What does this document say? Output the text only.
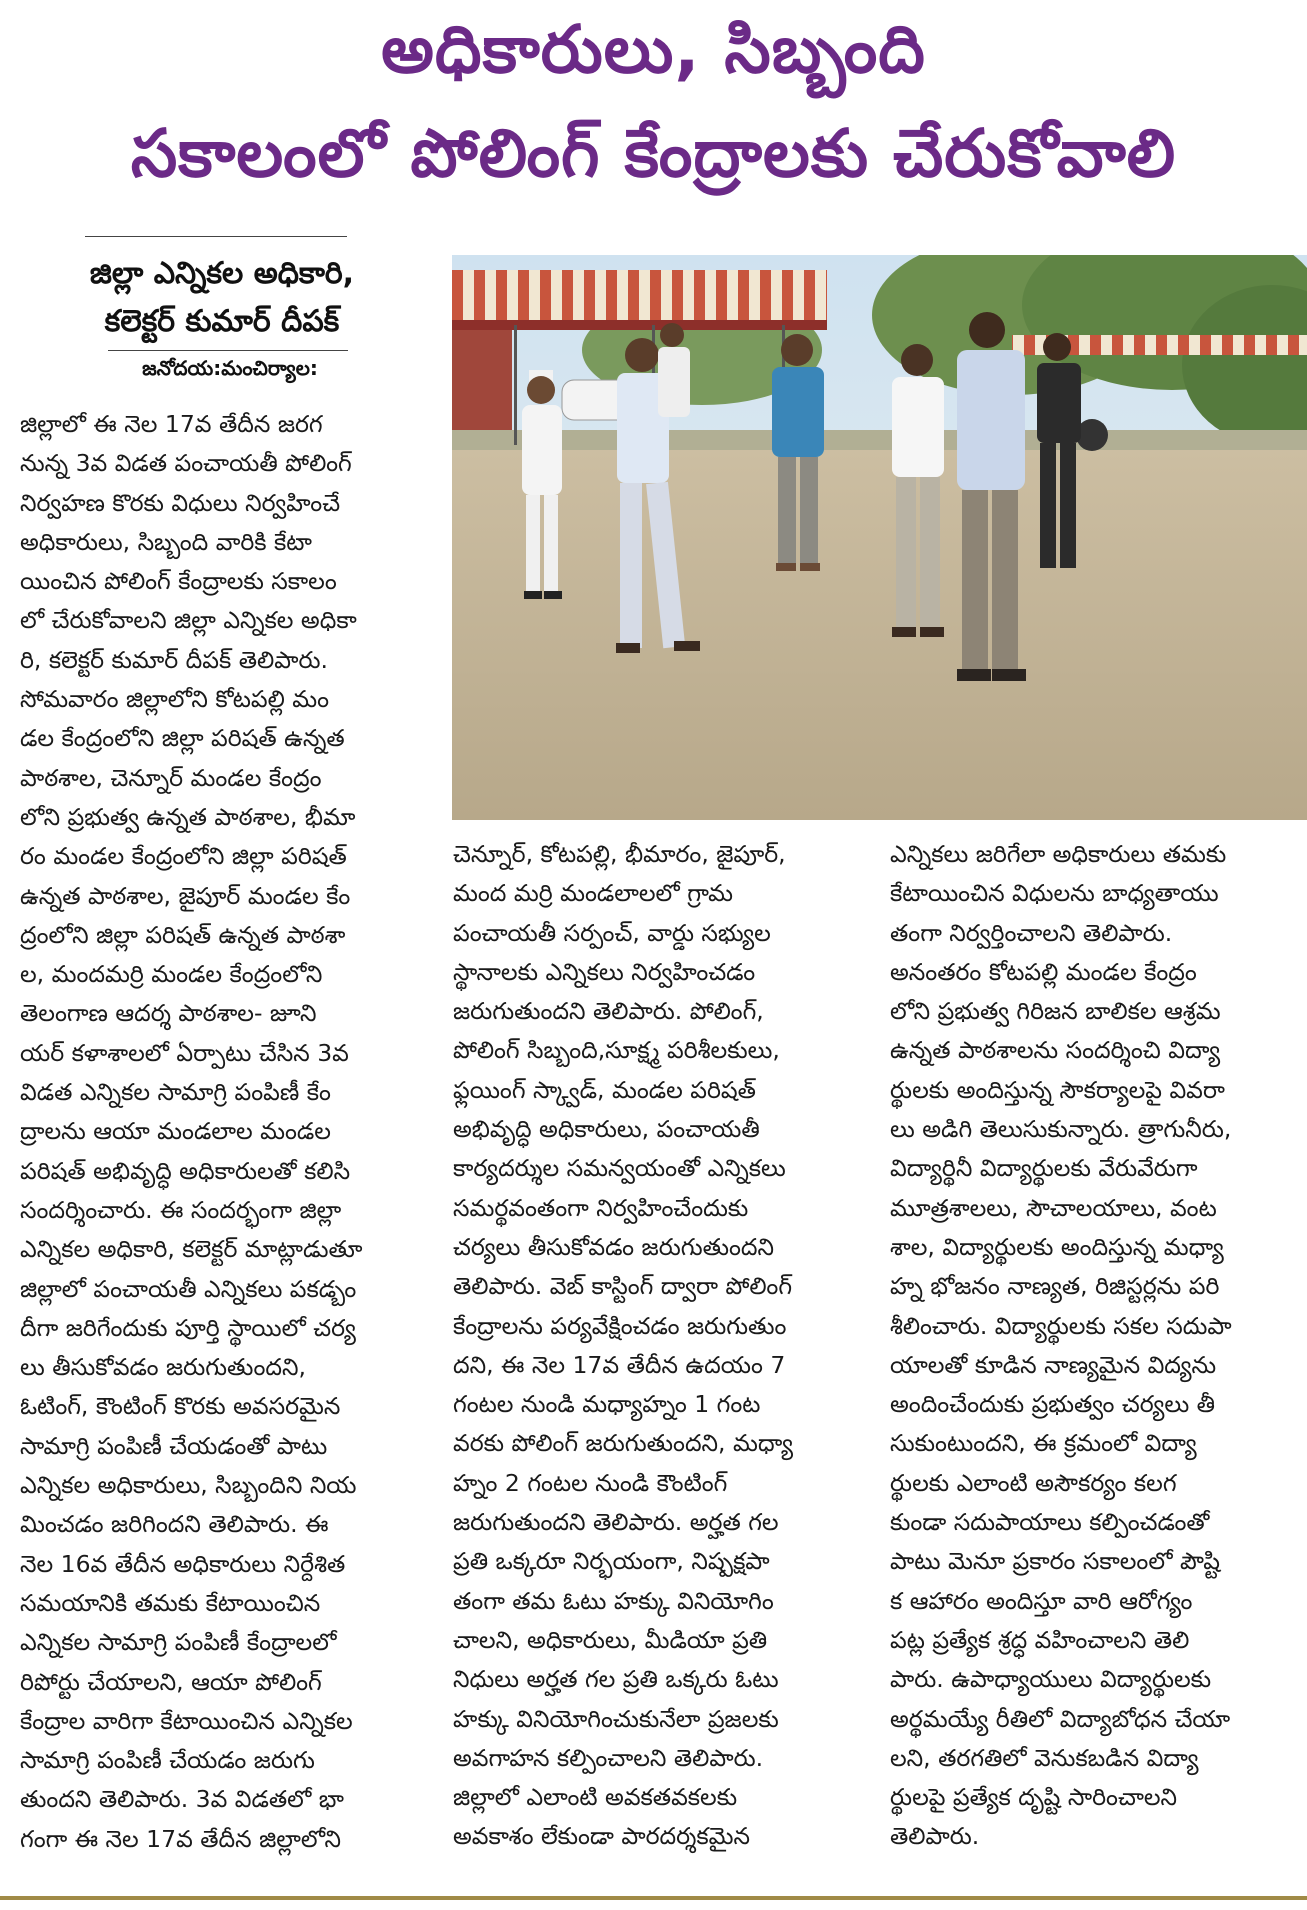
అధికారులు, సిబ్బంది
సకాలంలో పోలింగ్ కేంద్రాలకు చేరుకోవాలి
జిల్లా ఎన్నికల అధికారి,
కలెక్టర్ కుమార్ దీపక్
జనోదయ:మంచిర్యాల:
జిల్లాలో ఈ నెల 17వ తేదీన జరగ
నున్న 3వ విడత పంచాయతీ పోలింగ్
నిర్వహణ కొరకు విధులు నిర్వహించే
అధికారులు, సిబ్బంది వారికి కేటా
యించిన పోలింగ్ కేంద్రాలకు సకాలం
లో చేరుకోవాలని జిల్లా ఎన్నికల అధికా
రి, కలెక్టర్ కుమార్ దీపక్ తెలిపారు.
సోమవారం జిల్లాలోని కోటపల్లి మం
డల కేంద్రంలోని జిల్లా పరిషత్ ఉన్నత
పాఠశాల, చెన్నూర్ మండల కేంద్రం
లోని ప్రభుత్వ ఉన్నత పాఠశాల, భీమా
రం మండల కేంద్రంలోని జిల్లా పరిషత్
ఉన్నత పాఠశాల, జైపూర్ మండల కేం
ద్రంలోని జిల్లా పరిషత్ ఉన్నత పాఠశా
ల, మందమర్రి మండల కేంద్రంలోని
తెలంగాణ ఆదర్శ పాఠశాల- జూని
యర్ కళాశాలలో ఏర్పాటు చేసిన 3వ
విడత ఎన్నికల సామాగ్రి పంపిణీ కేం
ద్రాలను ఆయా మండలాల మండల
పరిషత్ అభివృద్ధి అధికారులతో కలిసి
సందర్శించారు. ఈ సందర్భంగా జిల్లా
ఎన్నికల అధికారి, కలెక్టర్ మాట్లాడుతూ
జిల్లాలో పంచాయతీ ఎన్నికలు పకడ్బం
దీగా జరిగేందుకు పూర్తి స్థాయిలో చర్య
లు తీసుకోవడం జరుగుతుందని,
ఓటింగ్, కౌంటింగ్ కొరకు అవసరమైన
సామాగ్రి పంపిణీ చేయడంతో పాటు
ఎన్నికల అధికారులు, సిబ్బందిని నియ
మించడం జరిగిందని తెలిపారు. ఈ
నెల 16వ తేదీన అధికారులు నిర్దేశిత
సమయానికి తమకు కేటాయించిన
ఎన్నికల సామాగ్రి పంపిణీ కేంద్రాలలో
రిపోర్టు చేయాలని, ఆయా పోలింగ్
కేంద్రాల వారిగా కేటాయించిన ఎన్నికల
సామాగ్రి పంపిణీ చేయడం జరుగు
తుందని తెలిపారు. 3వ విడతలో భా
గంగా ఈ నెల 17వ తేదీన జిల్లాలోని
చెన్నూర్, కోటపల్లి, భీమారం, జైపూర్,
మంద మర్రి మండలాలలో గ్రామ
పంచాయతీ సర్పంచ్, వార్డు సభ్యుల
స్థానాలకు ఎన్నికలు నిర్వహించడం
జరుగుతుందని తెలిపారు. పోలింగ్,
పోలింగ్ సిబ్బంది,సూక్ష్మ పరిశీలకులు,
ఫ్లయింగ్ స్క్వాడ్, మండల పరిషత్
అభివృద్ధి అధికారులు, పంచాయతీ
కార్యదర్శుల సమన్వయంతో ఎన్నికలు
సమర్థవంతంగా నిర్వహించేందుకు
చర్యలు తీసుకోవడం జరుగుతుందని
తెలిపారు. వెబ్ కాస్టింగ్ ద్వారా పోలింగ్
కేంద్రాలను పర్యవేక్షించడం జరుగుతుం
దని, ఈ నెల 17వ తేదీన ఉదయం 7
గంటల నుండి మధ్యాహ్నం 1 గంట
వరకు పోలింగ్ జరుగుతుందని, మధ్యా
హ్నం 2 గంటల నుండి కౌంటింగ్
జరుగుతుందని తెలిపారు. అర్హత గల
ప్రతి ఒక్కరూ నిర్భయంగా, నిష్పక్షపా
తంగా తమ ఓటు హక్కు వినియోగిం
చాలని, అధికారులు, మీడియా ప్రతి
నిధులు అర్హత గల ప్రతి ఒక్కరు ఓటు
హక్కు వినియోగించుకునేలా ప్రజలకు
అవగాహన కల్పించాలని తెలిపారు.
జిల్లాలో ఎలాంటి అవకతవకలకు
అవకాశం లేకుండా పారదర్శకమైన
ఎన్నికలు జరిగేలా అధికారులు తమకు
కేటాయించిన విధులను బాధ్యతాయు
తంగా నిర్వర్తించాలని తెలిపారు.
అనంతరం కోటపల్లి మండల కేంద్రం
లోని ప్రభుత్వ గిరిజన బాలికల ఆశ్రమ
ఉన్నత పాఠశాలను సందర్శించి విద్యా
ర్థులకు అందిస్తున్న సౌకర్యాలపై వివరా
లు అడిగి తెలుసుకున్నారు. త్రాగునీరు,
విద్యార్థినీ విద్యార్థులకు వేరువేరుగా
మూత్రశాలలు, సౌచాలయాలు, వంట
శాల, విద్యార్థులకు అందిస్తున్న మధ్యా
హ్న భోజనం నాణ్యత, రిజిస్టర్లను పరి
శీలించారు. విద్యార్థులకు సకల సదుపా
యాలతో కూడిన నాణ్యమైన విద్యను
అందించేందుకు ప్రభుత్వం చర్యలు తీ
సుకుంటుందని, ఈ క్రమంలో విద్యా
ర్థులకు ఎలాంటి అసౌకర్యం కలగ
కుండా సదుపాయాలు కల్పించడంతో
పాటు మెనూ ప్రకారం సకాలంలో పౌష్టి
క ఆహారం అందిస్తూ వారి ఆరోగ్యం
పట్ల ప్రత్యేక శ్రద్ధ వహించాలని తెలి
పారు. ఉపాధ్యాయులు విద్యార్థులకు
అర్థమయ్యే రీతిలో విద్యాబోధన చేయా
లని, తరగతిలో వెనుకబడిన విద్యా
ర్థులపై ప్రత్యేక దృష్టి సారించాలని
తెలిపారు.
